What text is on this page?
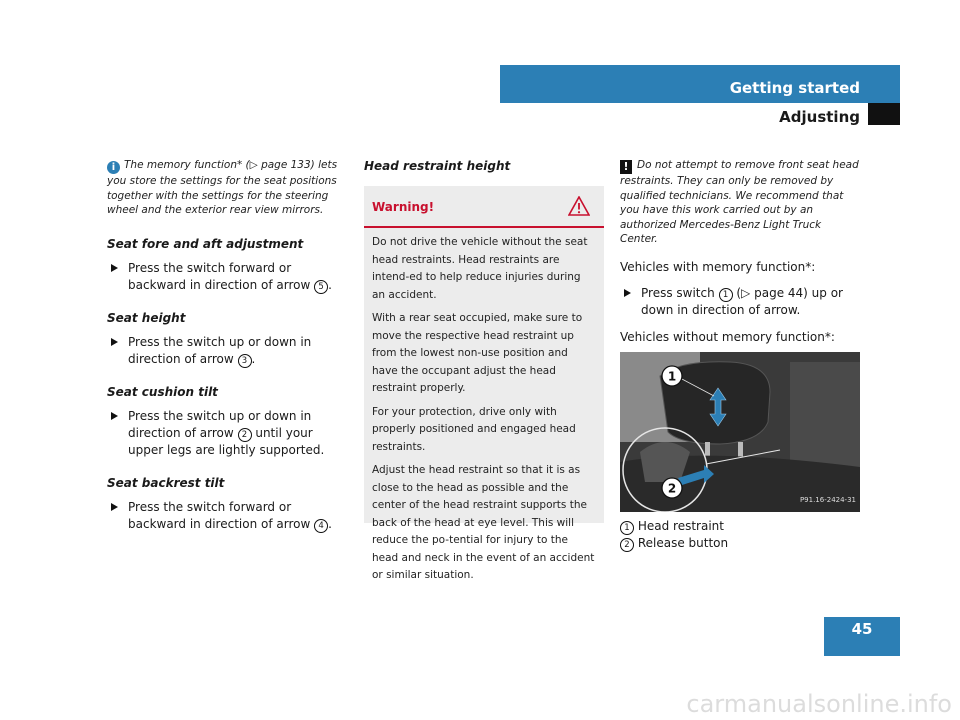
Getting started
Adjusting
i The memory function* (▷ page 133) lets you store the settings for the seat positions together with the settings for the steering wheel and the exterior rear view mirrors.

Seat fore and aft adjustment

Press the switch forward or backward in direction of arrow 5 .

Seat height

Press the switch up or down in direction of arrow 3 .

Seat cushion tilt

Press the switch up or down in direction of arrow 2 until your upper legs are lightly supported.

Seat backrest tilt

Press the switch forward or backward in direction of arrow 4 .

Head restraint height

Warning!

Do not drive the vehicle without the seat head restraints. Head restraints are intend-ed to help reduce injuries during an accident.

With a rear seat occupied, make sure to move the respective head restraint up from the lowest non-use position and have the occupant adjust the head restraint properly.

For your protection, drive only with properly positioned and engaged head restraints.

Adjust the head restraint so that it is as close to the head as possible and the center of the head restraint supports the back of the head at eye level. This will reduce the po-tential for injury to the head and neck in the event of an accident or similar situation.

! Do not attempt to remove front seat head restraints. They can only be removed by qualified technicians. We recommend that you have this work carried out by an authorized Mercedes-Benz Light Truck Center.

Vehicles with memory function*:

Press switch 1 (▷ page 44) up or down in direction of arrow.

Vehicles without memory function*:

1
2
P91.16-2424-31
1 Head restraint
2 Release button
45
carmanualsonline.info
